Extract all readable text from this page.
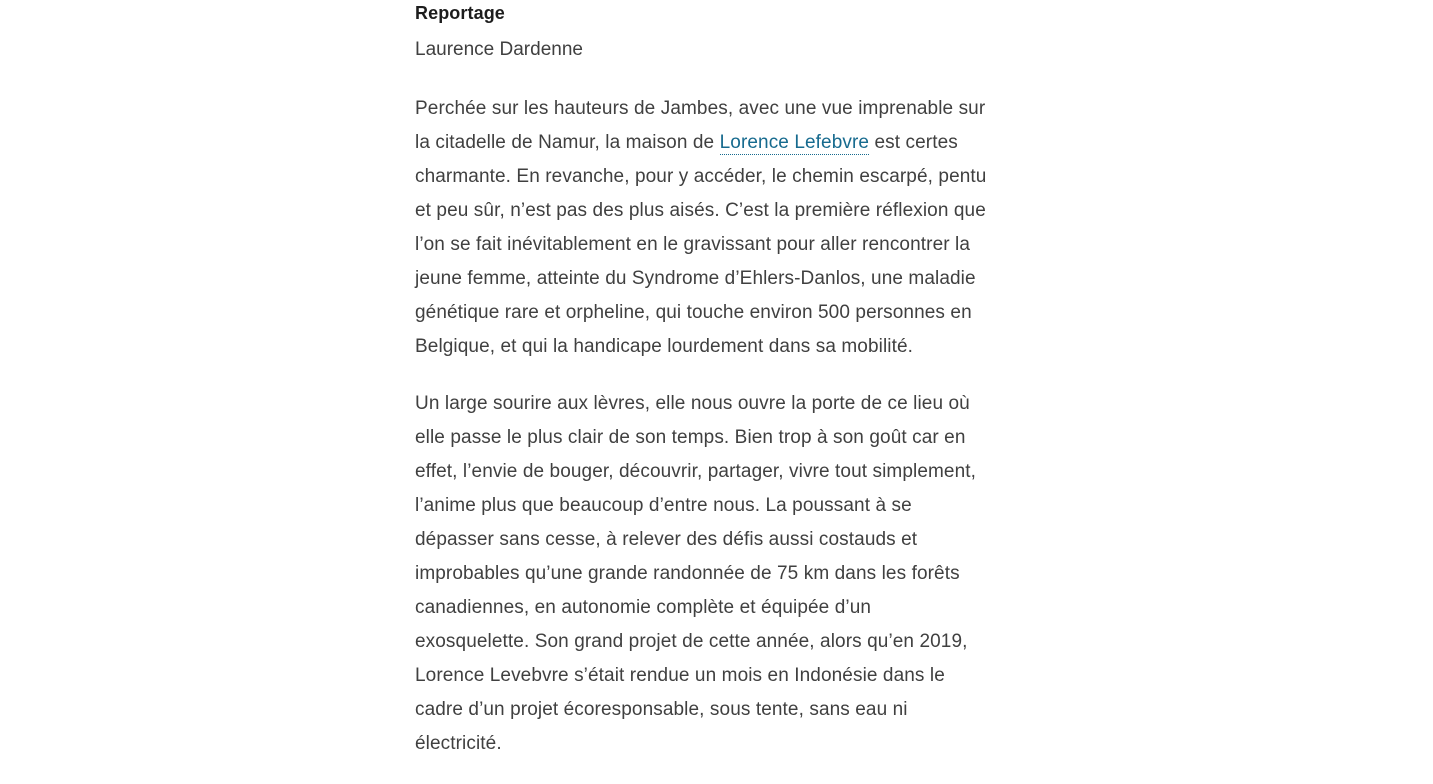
Reportage
Laurence Dardenne

Perchée sur les hauteurs de Jambes, avec une vue imprenable sur
la citadelle de Namur, la maison de Lorence Lefebvre est certes
charmante. En revanche, pour y accéder, le chemin escarpé, pentu
et peu sûr, n’est pas des plus aisés. C’est la première réflexion que
l’on se fait inévitablement en le gravissant pour aller rencontrer la
jeune femme, atteinte du Syndrome d’Ehlers-Danlos, une maladie
génétique rare et orpheline, qui touche environ 500 personnes en
Belgique, et qui la handicape lourdement dans sa mobilité.

Un large sourire aux lèvres, elle nous ouvre la porte de ce lieu où
elle passe le plus clair de son temps. Bien trop à son goût car en
effet, l’envie de bouger, découvrir, partager, vivre tout simplement,
l’anime plus que beaucoup d’entre nous. La poussant à se
dépasser sans cesse, à relever des défis aussi costauds et
improbables qu’une grande randonnée de 75 km dans les forêts
canadiennes, en autonomie complète et équipée d’un
exosquelette. Son grand projet de cette année, alors qu’en 2019,
Lorence Levebvre s’était rendue un mois en Indonésie dans le
cadre d’un projet écoresponsable, sous tente, sans eau ni
électricité.
